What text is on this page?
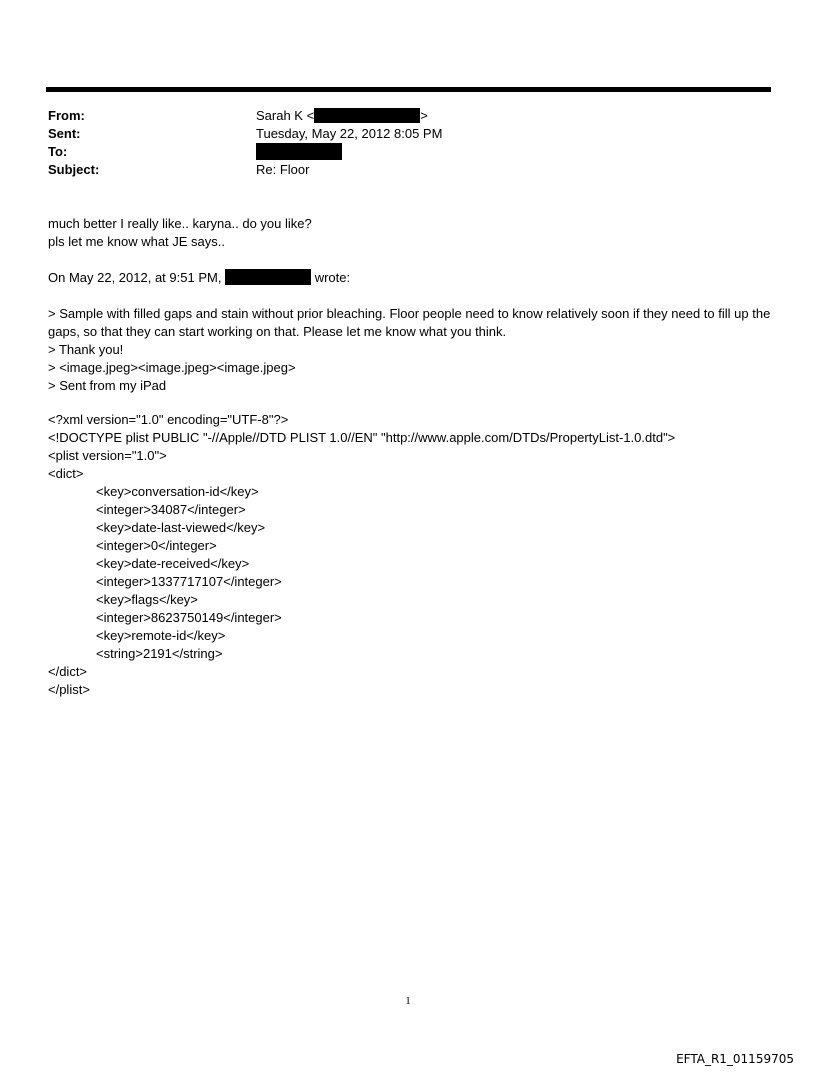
From:	Sarah K <	>
Sent:	Tuesday, May 22, 2012 8:05 PM
To:
Subject:	Re: Floor

much better I really like.. karyna.. do you like?

pls let me know what JE says..

On May 22, 2012, at 9:51 PM,	wrote:

> Sample with filled gaps and stain without prior bleaching. Floor people need to know relatively soon if they need to fill up the gaps, so that they can start working on that. Please let me know what you think.

> Thank you!

> <image.jpeg><image.jpeg><image.jpeg>

> Sent from my iPad

<?xml version="1.0" encoding="UTF-8"?>

<!DOCTYPE plist PUBLIC "-//Apple//DTD PLIST 1.0//EN" "http://www.apple.com/DTDs/PropertyList-1.0.dtd">

<plist version="1.0">

<dict>

<key>conversation-id</key>

<integer>34087</integer>

<key>date-last-viewed</key>

<integer>0</integer>

<key>date-received</key>

<integer>1337717107</integer>

<key>flags</key>

<integer>8623750149</integer>

<key>remote-id</key>

<string>2191</string>

</dict>

</plist>

1
EFTA_R1_01159705
